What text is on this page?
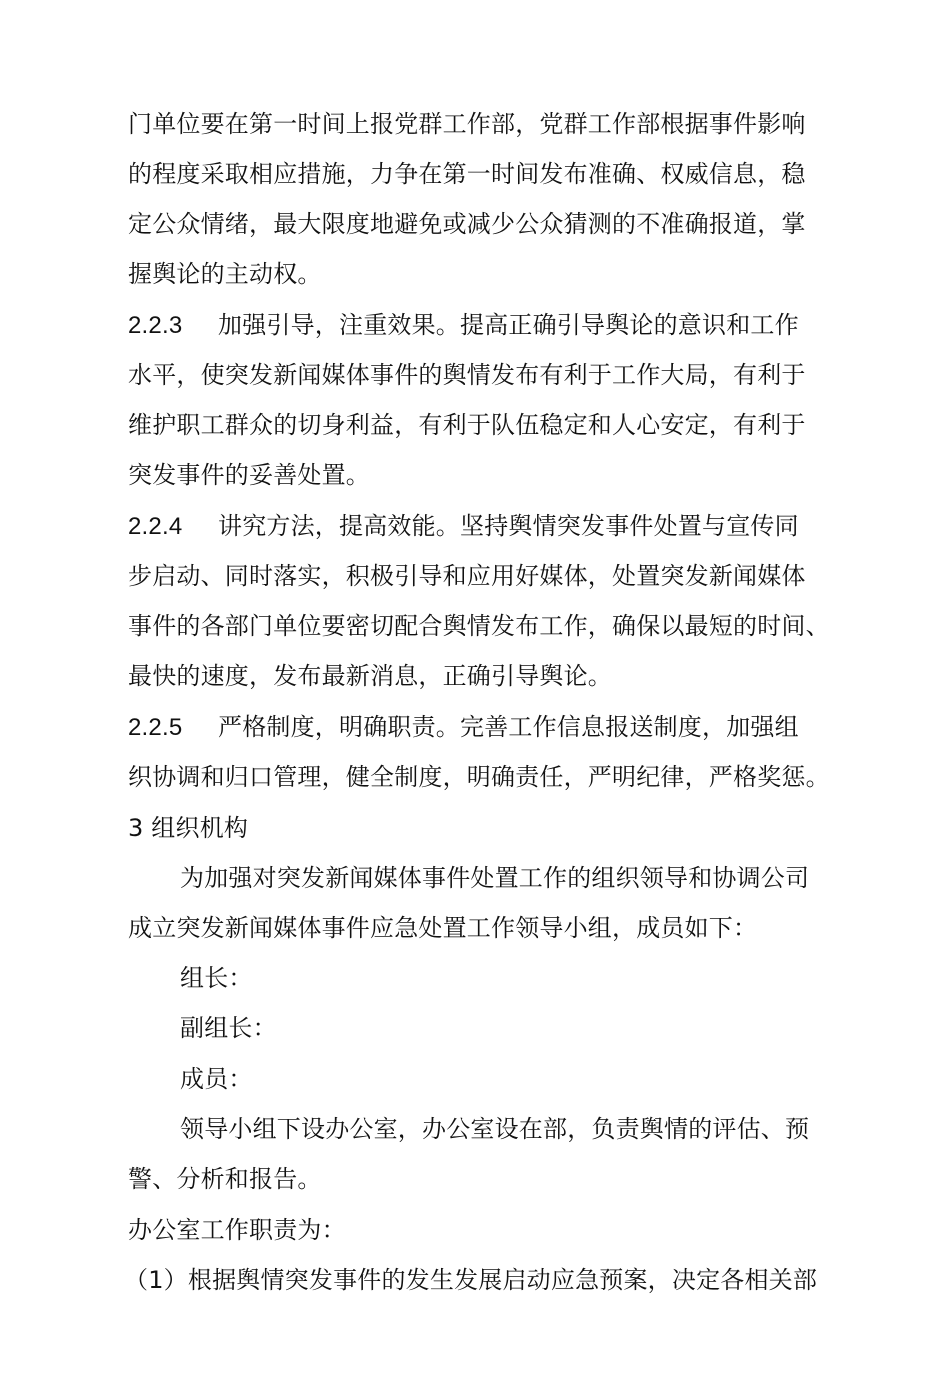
门单位要在第一时间上报党群工作部，党群工作部根据事件影响
的程度采取相应措施，力争在第一时间发布准确、权威信息，稳
定公众情绪，最大限度地避免或减少公众猜测的不准确报道，掌
握舆论的主动权。
2.2.3 加强引导，注重效果。提高正确引导舆论的意识和工作
水平，使突发新闻媒体事件的舆情发布有利于工作大局，有利于
维护职工群众的切身利益，有利于队伍稳定和人心安定，有利于
突发事件的妥善处置。
2.2.4 讲究方法，提高效能。坚持舆情突发事件处置与宣传同
步启动、同时落实，积极引导和应用好媒体，处置突发新闻媒体
事件的各部门单位要密切配合舆情发布工作，确保以最短的时间、
最快的速度，发布最新消息，正确引导舆论。
2.2.5 严格制度，明确职责。完善工作信息报送制度，加强组
织协调和归口管理，健全制度，明确责任，严明纪律，严格奖惩。
3 组织机构
为加强对突发新闻媒体事件处置工作的组织领导和协调公司
成立突发新闻媒体事件应急处置工作领导小组，成员如下：
组长：
副组长：
成员：
领导小组下设办公室，办公室设在部，负责舆情的评估、预
警、分析和报告。
办公室工作职责为：
（1）根据舆情突发事件的发生发展启动应急预案，决定各相关部
